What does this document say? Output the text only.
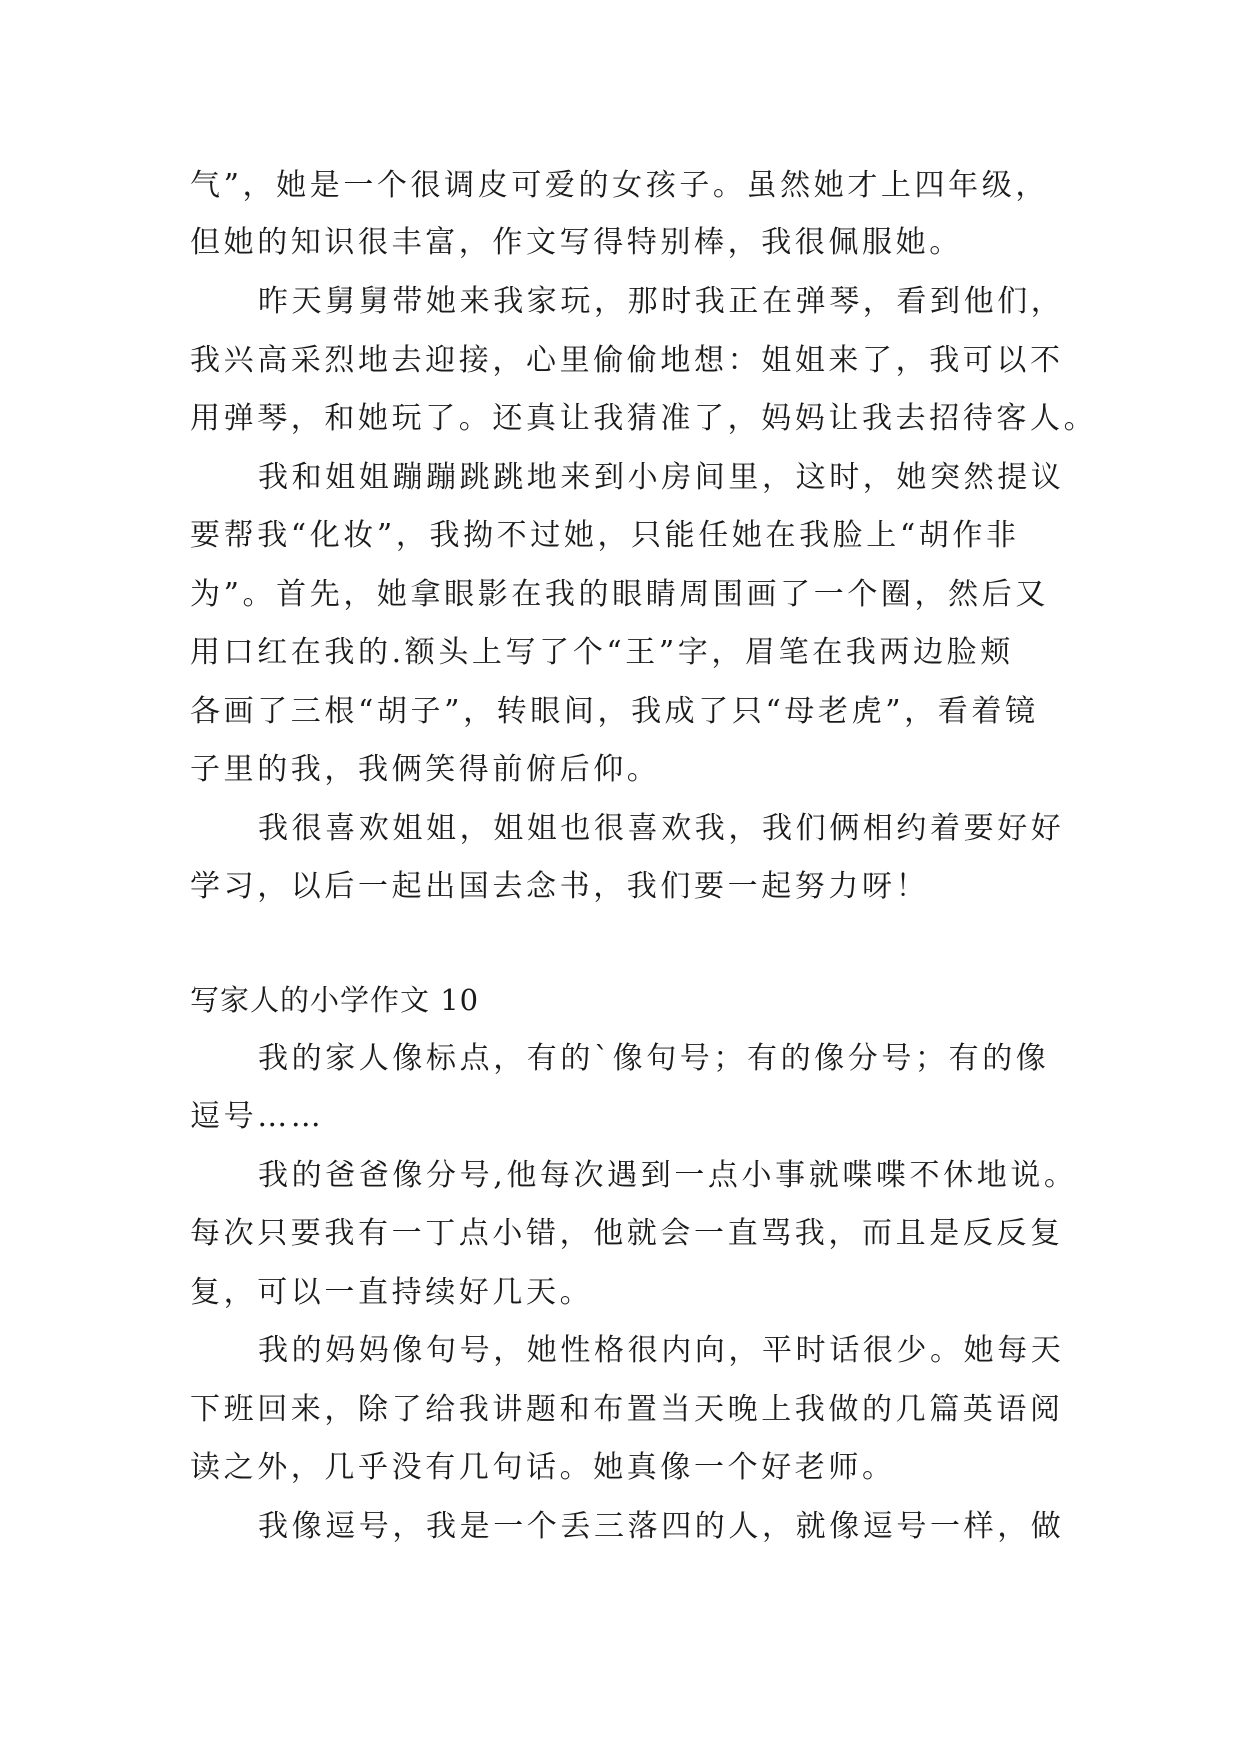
气”，她是一个很调皮可爱的女孩子。虽然她才上四年级，
但她的知识很丰富，作文写得特别棒，我很佩服她。
昨天舅舅带她来我家玩，那时我正在弹琴，看到他们，
我兴高采烈地去迎接，心里偷偷地想：姐姐来了，我可以不
用弹琴，和她玩了。还真让我猜准了，妈妈让我去招待客人。
我和姐姐蹦蹦跳跳地来到小房间里，这时，她突然提议
要帮我“化妆”，我拗不过她，只能任她在我脸上“胡作非
为”。首先，她拿眼影在我的眼睛周围画了一个圈，然后又
用口红在我的.额头上写了个“王”字，眉笔在我两边脸颊
各画了三根“胡子”，转眼间，我成了只“母老虎”，看着镜
子里的我，我俩笑得前俯后仰。
我很喜欢姐姐，姐姐也很喜欢我，我们俩相约着要好好
学习，以后一起出国去念书，我们要一起努力呀！
写家人的小学作文 10
我的家人像标点，有的`像句号；有的像分号；有的像
逗号……
我的爸爸像分号,他每次遇到一点小事就喋喋不休地说。
每次只要我有一丁点小错，他就会一直骂我，而且是反反复
复，可以一直持续好几天。
我的妈妈像句号，她性格很内向，平时话很少。她每天
下班回来，除了给我讲题和布置当天晚上我做的几篇英语阅
读之外，几乎没有几句话。她真像一个好老师。
我像逗号，我是一个丢三落四的人，就像逗号一样，做
